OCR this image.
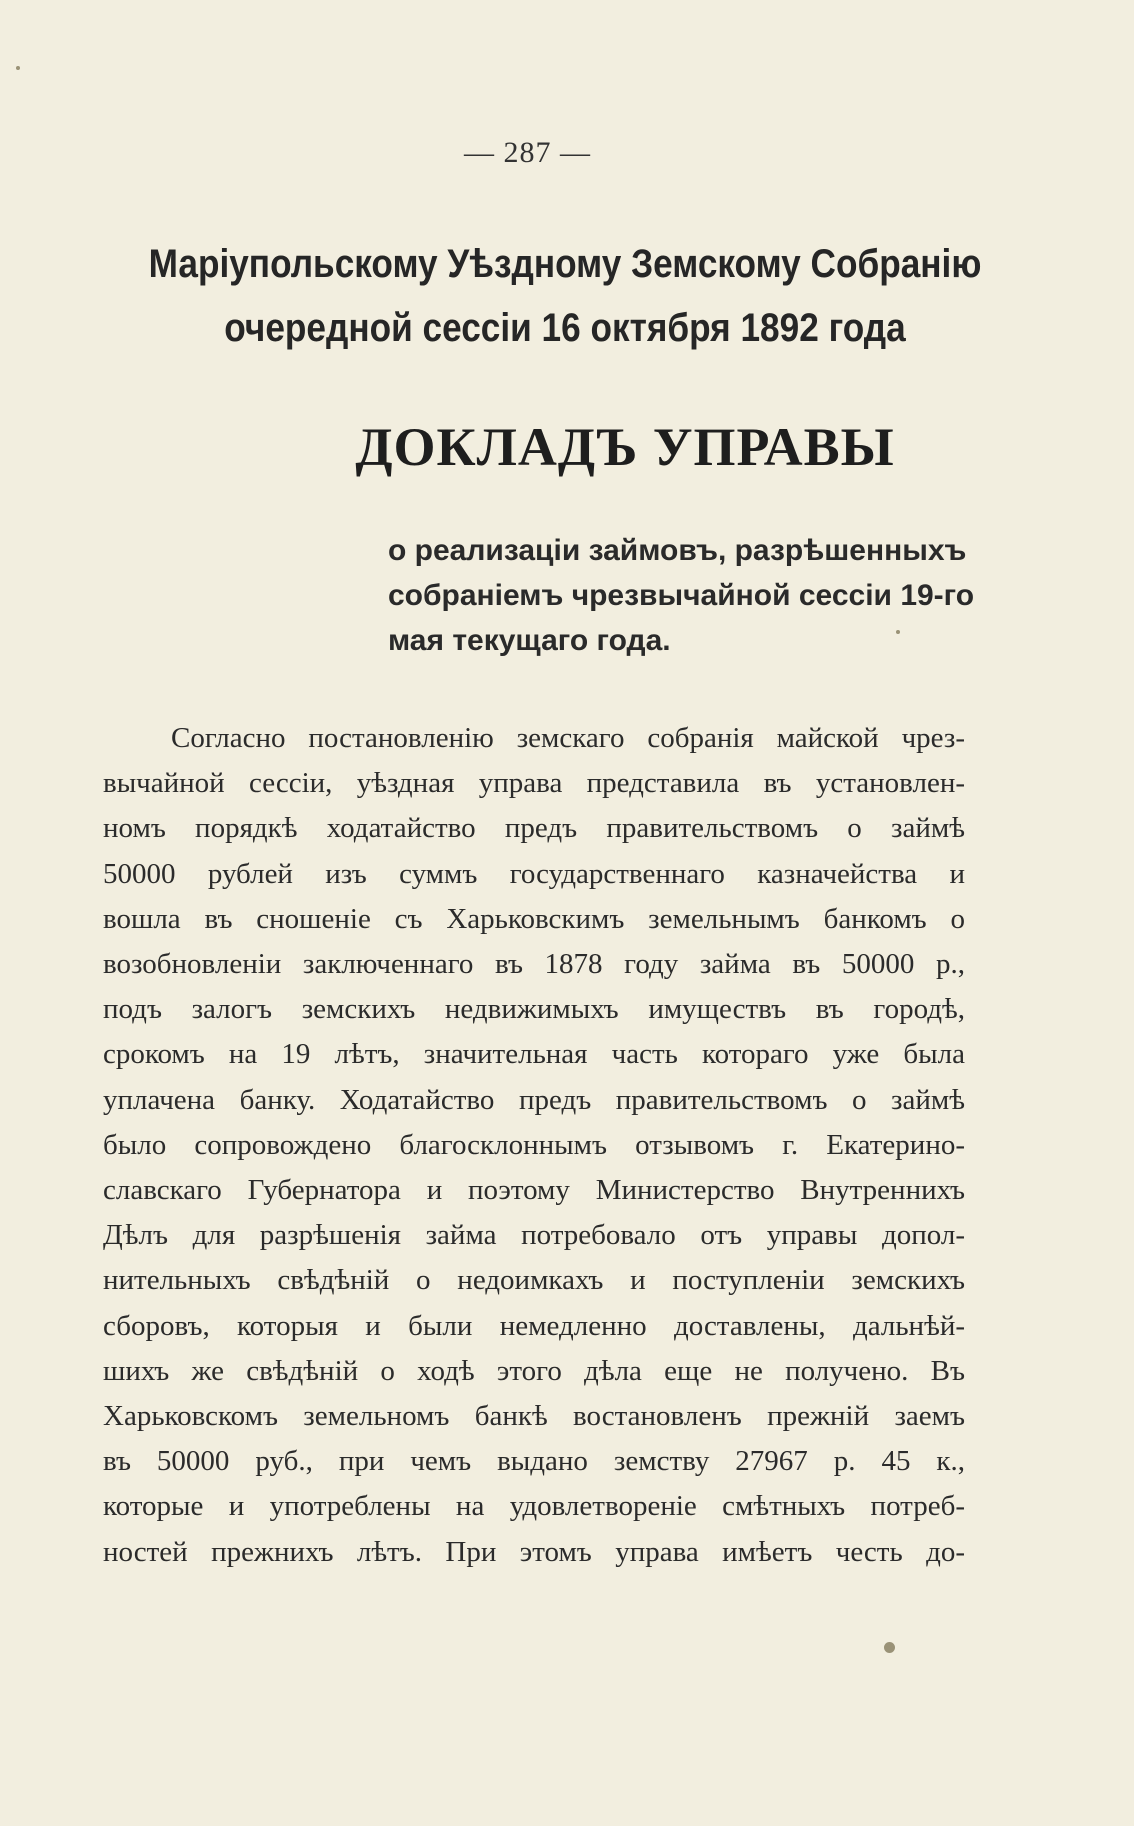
— 287 —
Маріупольскому Уѣздному Земскому Собранію
очередной сессіи 16 октября 1892 года
ДОКЛАДЪ УПРАВЫ
о реализаціи займовъ, разрѣшенныхъ
собраніемъ чрезвычайной сессіи 19-го
мая текущаго года.
Согласно постановленію земскаго собранія майской чрез-
вычайной сессіи, уѣздная управа представила въ установлен-
номъ порядкѣ ходатайство предъ правительствомъ о займѣ
50000 рублей изъ суммъ государственнаго казначейства и
вошла въ сношеніе съ Харьковскимъ земельнымъ банкомъ о
возобновленіи заключеннаго въ 1878 году займа въ 50000 р.,
подъ залогъ земскихъ недвижимыхъ имуществъ въ городѣ,
срокомъ на 19 лѣтъ, значительная часть котораго уже была
уплачена банку. Ходатайство предъ правительствомъ о займѣ
было сопровождено благосклоннымъ отзывомъ г. Екатерино-
славскаго Губернатора и поэтому Министерство Внутреннихъ
Дѣлъ для разрѣшенія займа потребовало отъ управы допол-
нительныхъ свѣдѣній о недоимкахъ и поступленіи земскихъ
сборовъ, которыя и были немедленно доставлены, дальнѣй-
шихъ же свѣдѣній о ходѣ этого дѣла еще не получено. Въ
Харьковскомъ земельномъ банкѣ востановленъ прежній заемъ
въ 50000 руб., при чемъ выдано земству 27967 р. 45 к.,
которые и употреблены на удовлетвореніе смѣтныхъ потреб-
ностей прежнихъ лѣтъ. При этомъ управа имѣетъ честь до-
